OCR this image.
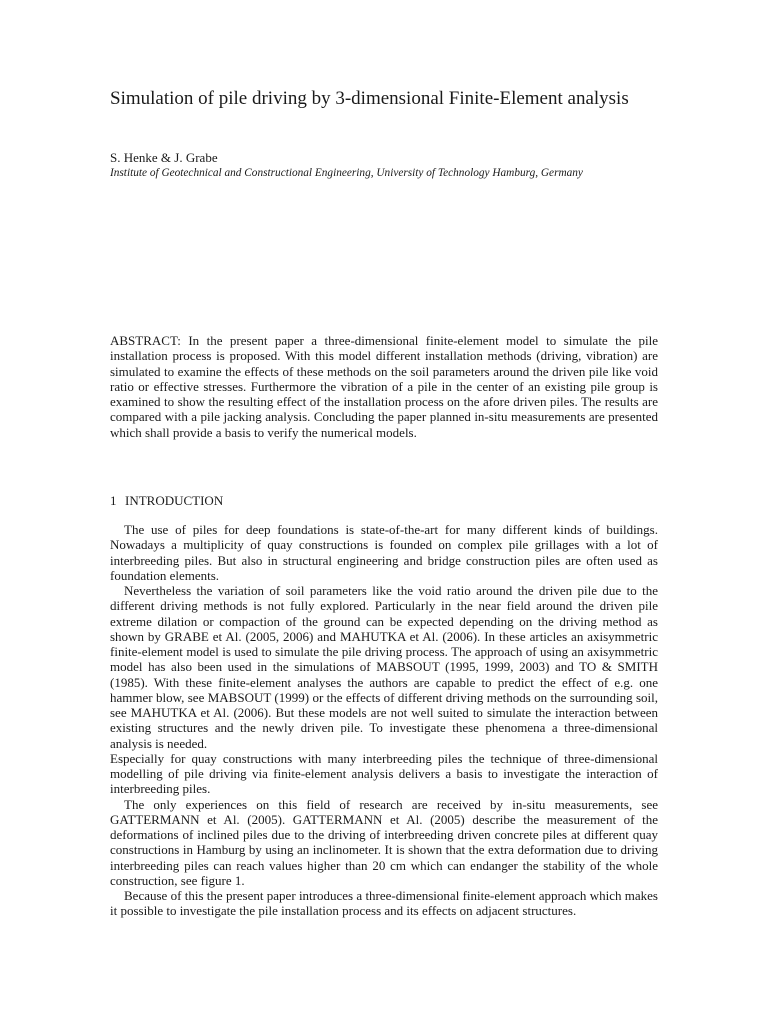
Simulation of pile driving by 3-dimensional Finite-Element analysis
S. Henke & J. Grabe
Institute of Geotechnical and Constructional Engineering, University of Technology Hamburg, Germany

ABSTRACT: In the present paper a three-dimensional finite-element model to simulate the pile installation process is proposed. With this model different installation methods (driving, vibration) are simulated to examine the effects of these methods on the soil parameters around the driven pile like void ratio or effective stresses. Furthermore the vibration of a pile in the center of an existing pile group is examined to show the resulting effect of the installation process on the afore driven piles. The results are compared with a pile jacking analysis. Concluding the paper planned in-situ measurements are presented which shall provide a basis to verify the numerical models.

1 INTRODUCTION

The use of piles for deep foundations is state-of-the-art for many different kinds of buildings. Nowadays a multiplicity of quay constructions is founded on complex pile grillages with a lot of interbreeding piles. But also in structural engineering and bridge construction piles are often used as foundation elements.

Nevertheless the variation of soil parameters like the void ratio around the driven pile due to the different driving methods is not fully explored. Particularly in the near field around the driven pile extreme dilation or compaction of the ground can be expected depending on the driving method as shown by GRABE et Al. (2005, 2006) and MAHUTKA et Al. (2006). In these articles an axisymmetric finite-element model is used to simulate the pile driving process. The approach of using an axisymmetric model has also been used in the simulations of MABSOUT (1995, 1999, 2003) and TO & SMITH (1985). With these finite-element analyses the authors are capable to predict the effect of e.g. one hammer blow, see MABSOUT (1999) or the effects of different driving methods on the surrounding soil, see MAHUTKA et Al. (2006). But these models are not well suited to simulate the interaction between existing structures and the newly driven pile. To investigate these phenomena a three-dimensional analysis is needed.

Especially for quay constructions with many interbreeding piles the technique of three-dimensional modelling of pile driving via finite-element analysis delivers a basis to investigate the interaction of interbreeding piles.

The only experiences on this field of research are received by in-situ measurements, see GATTERMANN et Al. (2005). GATTERMANN et Al. (2005) describe the measurement of the deformations of inclined piles due to the driving of interbreeding driven concrete piles at different quay constructions in Hamburg by using an inclinometer. It is shown that the extra deformation due to driving interbreeding piles can reach values higher than 20 cm which can endanger the stability of the whole construction, see figure 1.

Because of this the present paper introduces a three-dimensional finite-element approach which makes it possible to investigate the pile installation process and its effects on adjacent structures.
